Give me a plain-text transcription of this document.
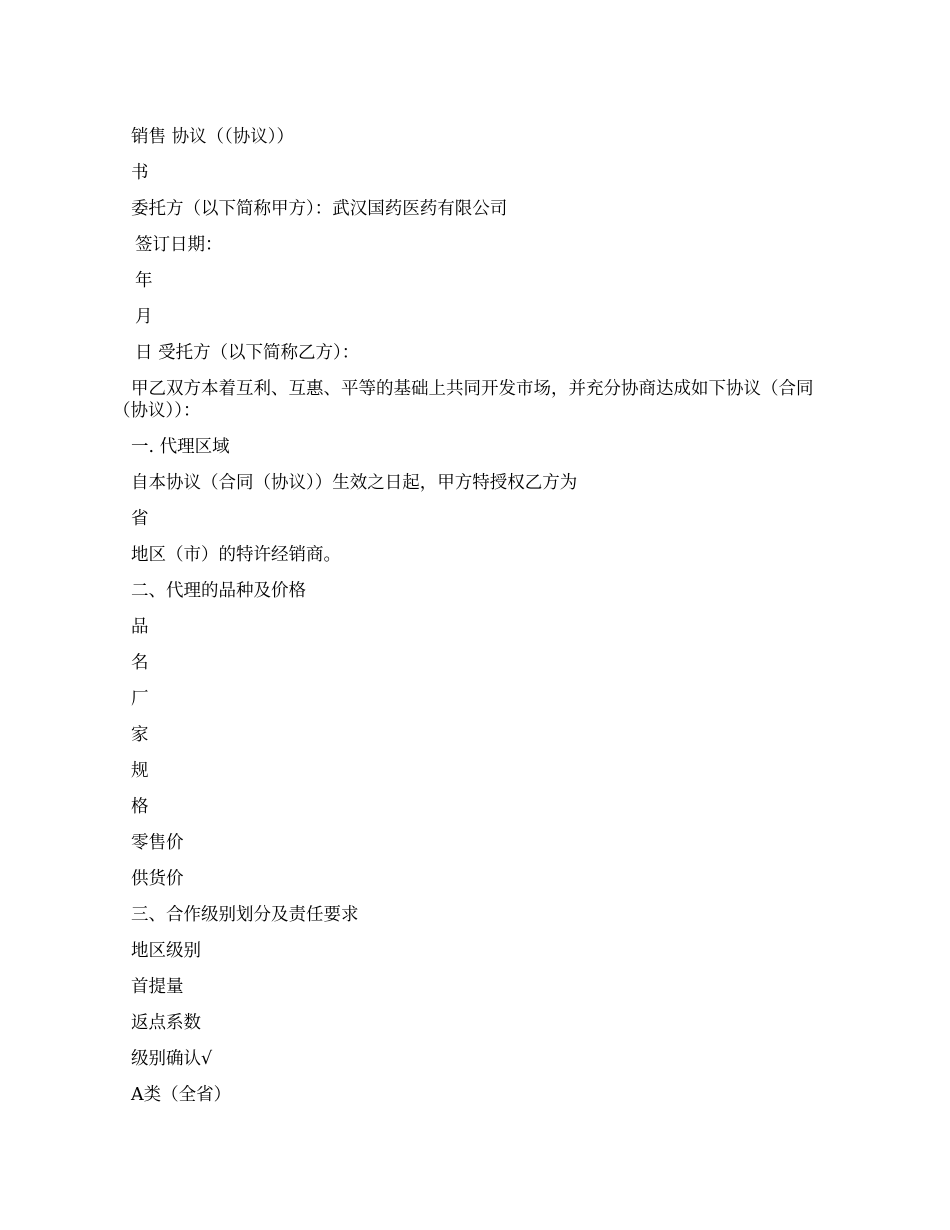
销售 协议（（协议））
书
委托方（以下简称甲方）：武汉国药医药有限公司
签订日期：
年
月
日 受托方（以下简称乙方）：
甲乙双方本着互利、互惠、平等的基础上共同开发市场，并充分协商达成如下协议（合同（协议））：
一. 代理区域
自本协议（合同（协议））生效之日起，甲方特授权乙方为
省
地区（市）的特许经销商。
二、代理的品种及价格
品
名
厂
家
规
格
零售价
供货价
三、合作级别划分及责任要求
地区级别
首提量
返点系数
级别确认√
A类（全省）
